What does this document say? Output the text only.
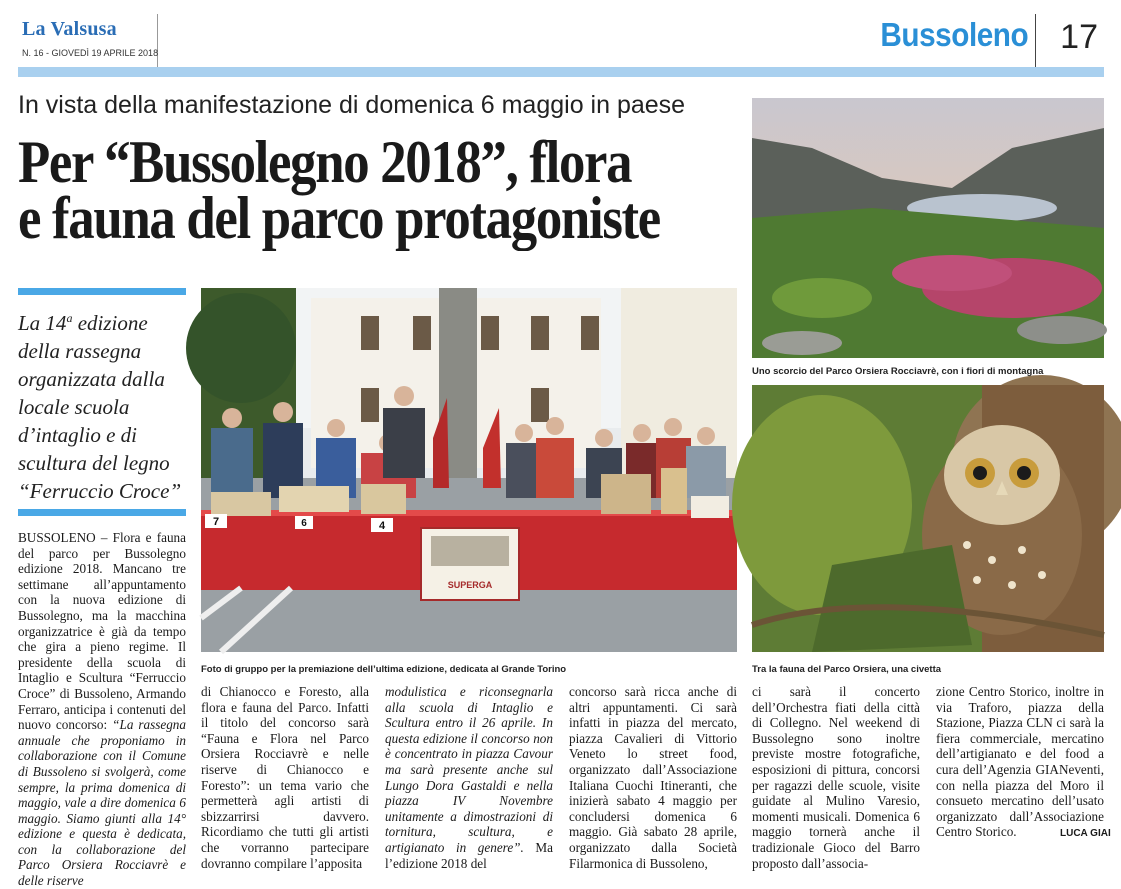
La Valsusa
N. 16 - GIOVEDÌ 19 APRILE 2018	Bussoleno 17
In vista della manifestazione di domenica 6 maggio in paese
Per “Bussolegno 2018”, flora
e fauna del parco protagoniste
La 14$^a$ edizione della rassegna organizzata dalla locale scuola d’intaglio e di scultura del legno “Ferruccio Croce”
SUPERGA
7	6	4
Foto di gruppo per la premiazione dell’ultima edizione, dedicata al Grande Torino
Uno scorcio del Parco Orsiera Rocciavrè, con i fiori di montagna
Tra la fauna del Parco Orsiera, una civetta
BUSSOLENO – Flora e fauna del parco per Bussolegno edizione 2018. Mancano tre settimane all’appuntamento con la nuova edizione di Bussolegno, ma la macchina organizzatrice è già da tempo che gira a pieno regime. Il presidente della scuola di Intaglio e Scultura “Ferruccio Croce” di Bussoleno, Armando Ferraro, anticipa i contenuti del nuovo concorso: “La rassegna annuale che proponiamo in collaborazione con il Comune di Bussoleno si svolgerà, come sempre, la prima domenica di maggio, vale a dire domenica 6 maggio. Siamo giunti alla 14° edizione e questa è dedicata, con la collaborazione del Parco Orsiera Rocciavrè e delle riserve
di Chianocco e Foresto, alla flora e fauna del Parco. Infatti il titolo del concorso sarà “Fauna e Flora nel Parco Orsiera Rocciavrè e nelle riserve di Chianocco e Foresto”: un tema vario che permetterà agli artisti di sbizzarrirsi davvero. Ricordiamo che tutti gli artisti che vorranno partecipare dovranno compilare l’apposita
modulistica e riconsegnarla alla scuola di Intaglio e Scultura entro il 26 aprile. In questa edizione il concorso non è concentrato in piazza Cavour ma sarà presente anche sul Lungo Dora Gastaldi e nella piazza IV Novembre unitamente a dimostrazioni di tornitura, scultura, e artigianato in genere”. Ma l’edizione 2018 del
concorso sarà ricca anche di altri appuntamenti. Ci sarà infatti in piazza del mercato, piazza Cavalieri di Vittorio Veneto lo street food, organizzato dall’Associazione Italiana Cuochi Itineranti, che inizierà sabato 4 maggio per concludersi domenica 6 maggio. Già sabato 28 aprile, organizzato dalla Società Filarmonica di Bussoleno,
ci sarà il concerto dell’Orchestra fiati della città di Collegno. Nel weekend di Bussolegno sono inoltre previste mostre fotografiche, esposizioni di pittura, concorsi per ragazzi delle scuole, visite guidate al Mulino Varesio, momenti musicali. Domenica 6 maggio tornerà anche il tradizionale Gioco del Barro proposto dall’associa-
zione Centro Storico, inoltre in via Traforo, piazza della Stazione, Piazza CLN ci sarà la fiera commerciale, mercatino dell’artigianato e del food a cura dell’Agenzia GIANeventi, con nella piazza del Moro il consueto mercatino dell’usato organizzato dall’Associazione Centro Storico.	LUCA GIAI
